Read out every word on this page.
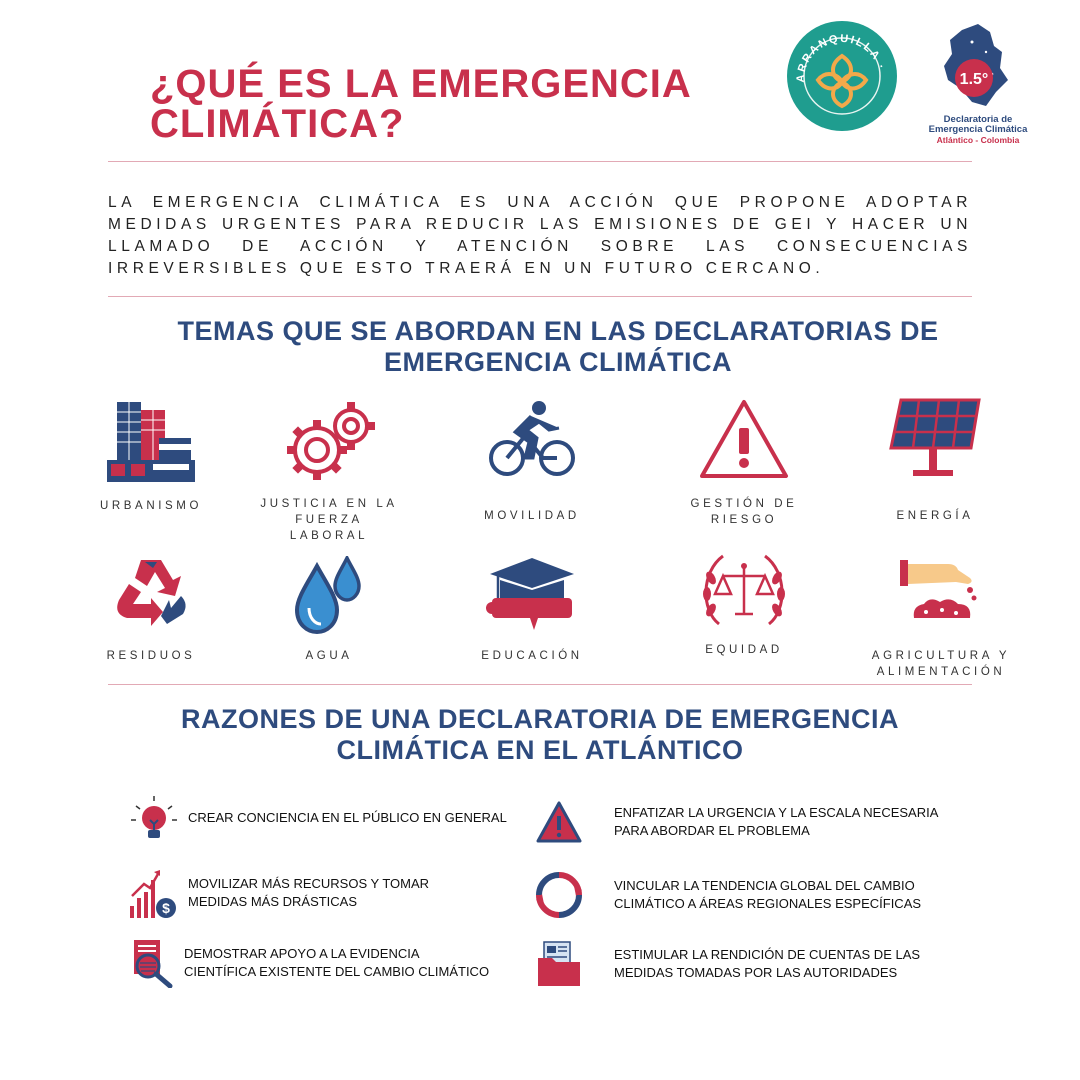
¿QUÉ ES LA EMERGENCIA
CLIMÁTICA?
ARRANQUILLA ·
1.5°
Declaratoria de
Emergencia Climática
Atlántico - Colombia

LA EMERGENCIA CLIMÁTICA ES UNA ACCIÓN QUE PROPONE ADOPTAR MEDIDAS URGENTES PARA REDUCIR LAS EMISIONES DE GEI Y HACER UN LLAMADO DE ACCIÓN Y ATENCIÓN SOBRE LAS CONSECUENCIAS IRREVERSIBLES QUE ESTO TRAERÁ EN UN FUTURO CERCANO.

TEMAS QUE SE ABORDAN EN LAS DECLARATORIAS DE
EMERGENCIA CLIMÁTICA
URBANISMO	JUSTICIA EN LA
FUERZA
LABORAL
MOVILIDAD
GESTIÓN DE
RIESGO	ENERGÍA
RESIDUOS	AGUA	EDUCACIÓN	EQUIDAD	AGRICULTURA Y
ALIMENTACIÓN
RAZONES DE UNA DECLARATORIA DE EMERGENCIA
CLIMÁTICA EN EL ATLÁNTICO
CREAR CONCIENCIA EN EL PÚBLICO EN GENERAL	ENFATIZAR LA URGENCIA Y LA ESCALA NECESARIA
PARA ABORDAR EL PROBLEMA
$
MOVILIZAR MÁS RECURSOS Y TOMAR
MEDIDAS MÁS DRÁSTICAS
VINCULAR LA TENDENCIA GLOBAL DEL CAMBIO
CLIMÁTICO A ÁREAS REGIONALES ESPECÍFICAS
DEMOSTRAR APOYO A LA EVIDENCIA
CIENTÍFICA EXISTENTE DEL CAMBIO CLIMÁTICO
ESTIMULAR LA RENDICIÓN DE CUENTAS DE LAS
MEDIDAS TOMADAS POR LAS AUTORIDADES
